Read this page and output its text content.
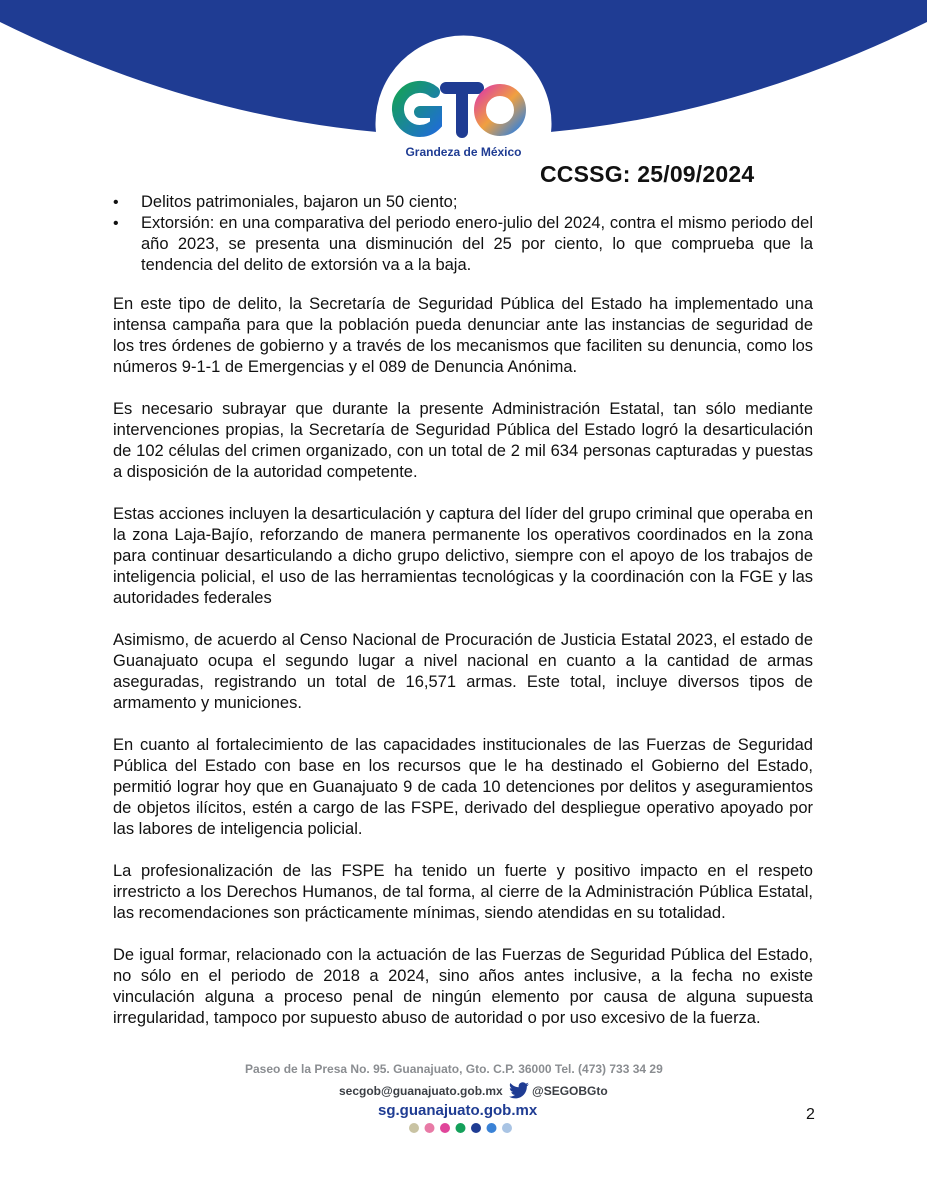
Grandeza de México
CCSSG: 25/09/2024
•	Delitos patrimoniales, bajaron un 50 ciento;
•	Extorsión: en una comparativa del periodo enero-julio del 2024, contra el mismo periodo del año 2023, se presenta una disminución del 25 por ciento, lo que comprueba que la tendencia del delito de extorsión va a la baja.

En este tipo de delito, la Secretaría de Seguridad Pública del Estado ha implementado una intensa campaña para que la población pueda denunciar ante las instancias de seguridad de los tres órdenes de gobierno y a través de los mecanismos que faciliten su denuncia, como los números 9-1-1 de Emergencias y el 089 de Denuncia Anónima.

Es necesario subrayar que durante la presente Administración Estatal, tan sólo mediante intervenciones propias, la Secretaría de Seguridad Pública del Estado logró la desarticulación de 102 células del crimen organizado, con un total de 2 mil 634 personas capturadas y puestas a disposición de la autoridad competente.

Estas acciones incluyen la desarticulación y captura del líder del grupo criminal que operaba en la zona Laja-Bajío, reforzando de manera permanente los operativos coordinados en la zona para continuar desarticulando a dicho grupo delictivo, siempre con el apoyo de los trabajos de inteligencia policial, el uso de las herramientas tecnológicas y la coordinación con la FGE y las autoridades federales

Asimismo, de acuerdo al Censo Nacional de Procuración de Justicia Estatal 2023, el estado de Guanajuato ocupa el segundo lugar a nivel nacional en cuanto a la cantidad de armas aseguradas, registrando un total de 16,571 armas. Este total, incluye diversos tipos de armamento y municiones.

En cuanto al fortalecimiento de las capacidades institucionales de las Fuerzas de Seguridad Pública del Estado con base en los recursos que le ha destinado el Gobierno del Estado, permitió lograr hoy que en Guanajuato 9 de cada 10 detenciones por delitos y aseguramientos de objetos ilícitos, estén a cargo de las FSPE, derivado del despliegue operativo apoyado por las labores de inteligencia policial.

La profesionalización de las FSPE ha tenido un fuerte y positivo impacto en el respeto irrestricto a los Derechos Humanos, de tal forma, al cierre de la Administración Pública Estatal, las recomendaciones son prácticamente mínimas, siendo atendidas en su totalidad.

De igual formar, relacionado con la actuación de las Fuerzas de Seguridad Pública del Estado, no sólo en el periodo de 2018 a 2024, sino años antes inclusive, a la fecha no existe vinculación alguna a proceso penal de ningún elemento por causa de alguna supuesta irregularidad, tampoco por supuesto abuso de autoridad o por uso excesivo de la fuerza.

Paseo de la Presa No. 95. Guanajuato, Gto. C.P. 36000 Tel. (473) 733 34 29
secgob@guanajuato.gob.mx @SEGOBGto
sg.guanajuato.gob.mx	2
